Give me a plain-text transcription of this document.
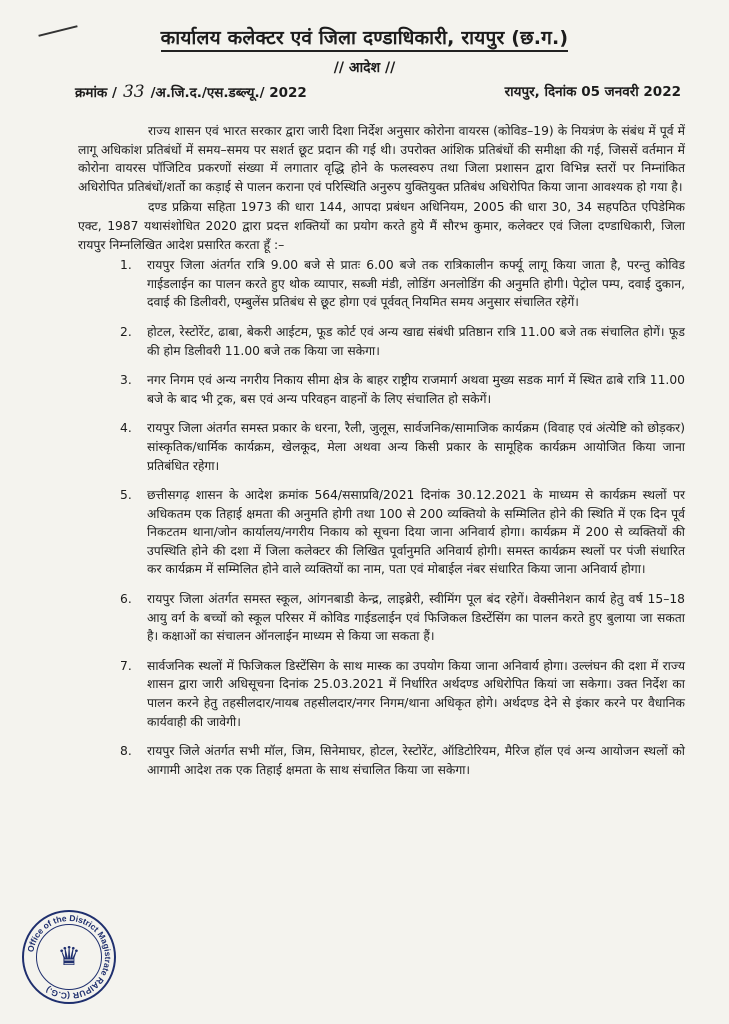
कार्यालय कलेक्टर एवं जिला दण्डाधिकारी, रायपुर (छ.ग.)
// आदेश //
क्रमांक / 33 /अ.जि.द./एस.डब्ल्यू./ 2022	रायपुर, दिनांक 05 जनवरी 2022

राज्य शासन एवं भारत सरकार द्वारा जारी दिशा निर्देश अनुसार कोरोना वायरस (कोविड–19) के नियत्रंण के संबंध में पूर्व में लागू अधिकांश प्रतिबंधों में समय–समय पर सशर्त छूट प्रदान की गई थी। उपरोक्त आंशिक प्रतिबंधों की समीक्षा की गई, जिससें वर्तमान में कोरोना वायरस पॉजिटिव प्रकरणों संख्या में लगातार वृद्धि होने के फलस्वरुप तथा जिला प्रशासन द्वारा विभिन्न स्तरों पर निम्नांकित अधिरोपित प्रतिबंधों/शर्तो का कड़ाई से पालन कराना एवं परिस्थिति अनुरुप युक्तियुक्त प्रतिबंध अधिरोपित किया जाना आवश्यक हो गया है।

दण्ड प्रक्रिया सहिता 1973 की धारा 144, आपदा प्रबंधन अधिनियम, 2005 की धारा 30, 34 सहपठित एपिडेमिक एक्ट, 1987 यथासंशोधित 2020 द्वारा प्रदत्त शक्तियों का प्रयोग करते हुये मैं सौरभ कुमार, कलेक्टर एवं जिला दण्डाधिकारी, जिला रायपुर निम्नलिखित आदेश प्रसारित करता हूँ :–

1. रायपुर जिला अंतर्गत रात्रि 9.00 बजे से प्रातः 6.00 बजे तक रात्रिकालीन कर्फ्यू लागू किया जाता है, परन्तु कोविड गाईडलाईन का पालन करते हुए थोक व्यापार, सब्जी मंडी, लोडिंग अनलोडिंग की अनुमति होगी। पेट्रोल पम्प, दवाई दुकान, दवाई की डिलीवरी, एम्बुलेंस प्रतिबंध से छूट होगा एवं पूर्ववत् नियमित समय अनुसार संचालित रहेगें।
2. होटल, रेस्टोरेंट, ढाबा, बेकरी आईटम, फूड कोर्ट एवं अन्य खाद्य संबंधी प्रतिष्ठान रात्रि 11.00 बजे तक संचालित होगें। फूड की होम डिलीवरी 11.00 बजे तक किया जा सकेगा।
3. नगर निगम एवं अन्य नगरीय निकाय सीमा क्षेत्र के बाहर राष्ट्रीय राजमार्ग अथवा मुख्य सडक मार्ग में स्थित ढाबे रात्रि 11.00 बजे के बाद भी ट्रक, बस एवं अन्य परिवहन वाहनों के लिए संचालित हो सकेगें।
4. रायपुर जिला अंतर्गत समस्त प्रकार के धरना, रैली, जुलूस, सार्वजनिक/सामाजिक कार्यक्रम (विवाह एवं अंत्येष्टि को छोड़कर) सांस्कृतिक/धार्मिक कार्यक्रम, खेलकूद, मेला अथवा अन्य किसी प्रकार के सामूहिक कार्यक्रम आयोजित किया जाना प्रतिबंधित रहेगा।
5. छत्तीसगढ़ शासन के आदेश क्रमांक 564/ससाप्रवि/2021 दिनांक 30.12.2021 के माध्यम से कार्यक्रम स्थलों पर अधिकतम एक तिहाई क्षमता की अनुमति होगी तथा 100 से 200 व्यक्तियो के सम्मिलित होने की स्थिति में एक दिन पूर्व निकटतम थाना/जोन कार्यालय/नगरीय निकाय को सूचना दिया जाना अनिवार्य होगा। कार्यक्रम में 200 से व्यक्तियों की उपस्थिति होने की दशा में जिला कलेक्टर की लिखित पूर्वानुमति अनिवार्य होगी। समस्त कार्यक्रम स्थलों पर पंजी संधारित कर कार्यक्रम में सम्मिलित होने वाले व्यक्तियों का नाम, पता एवं मोबाईल नंबर संधारित किया जाना अनिवार्य होगा।
6. रायपुर जिला अंतर्गत समस्त स्कूल, आंगनबाडी केन्द्र, लाइब्रेरी, स्वीमिंग पूल बंद रहेगें। वेक्सीनेशन कार्य हेतु वर्ष 15–18 आयु वर्ग के बच्चों को स्कूल परिसर में कोविड गाईडलाईन एवं फिजिकल डिस्टेंसिंग का पालन करते हुए बुलाया जा सकता है। कक्षाओं का संचालन ऑनलाईन माध्यम से किया जा सकता हैं।
7. सार्वजनिक स्थलों में फिजिकल डिस्टेंसिग के साथ मास्क का उपयोग किया जाना अनिवार्य होगा। उल्लंघन की दशा में राज्य शासन द्वारा जारी अधिसूचना दिनांक 25.03.2021 में निर्धारित अर्थदण्ड अधिरोपित कियां जा सकेगा। उक्त निर्देश का पालन करने हेतु तहसीलदार/नायब तहसीलदार/नगर निगम/थाना अधिकृत होगे। अर्थदण्ड देने से इंकार करने पर वैधानिक कार्यवाही की जावेगी।
8. रायपुर जिले अंतर्गत सभी मॉल, जिम, सिनेमाघर, होटल, रेस्टोरेंट, ऑडिटोरियम, मैरिज हॉल एवं अन्य आयोजन स्थलों को आगामी आदेश तक एक तिहाई क्षमता के साथ संचालित किया जा सकेगा।
Office of the District Magistrate RAIPUR (C.G.)
♛
